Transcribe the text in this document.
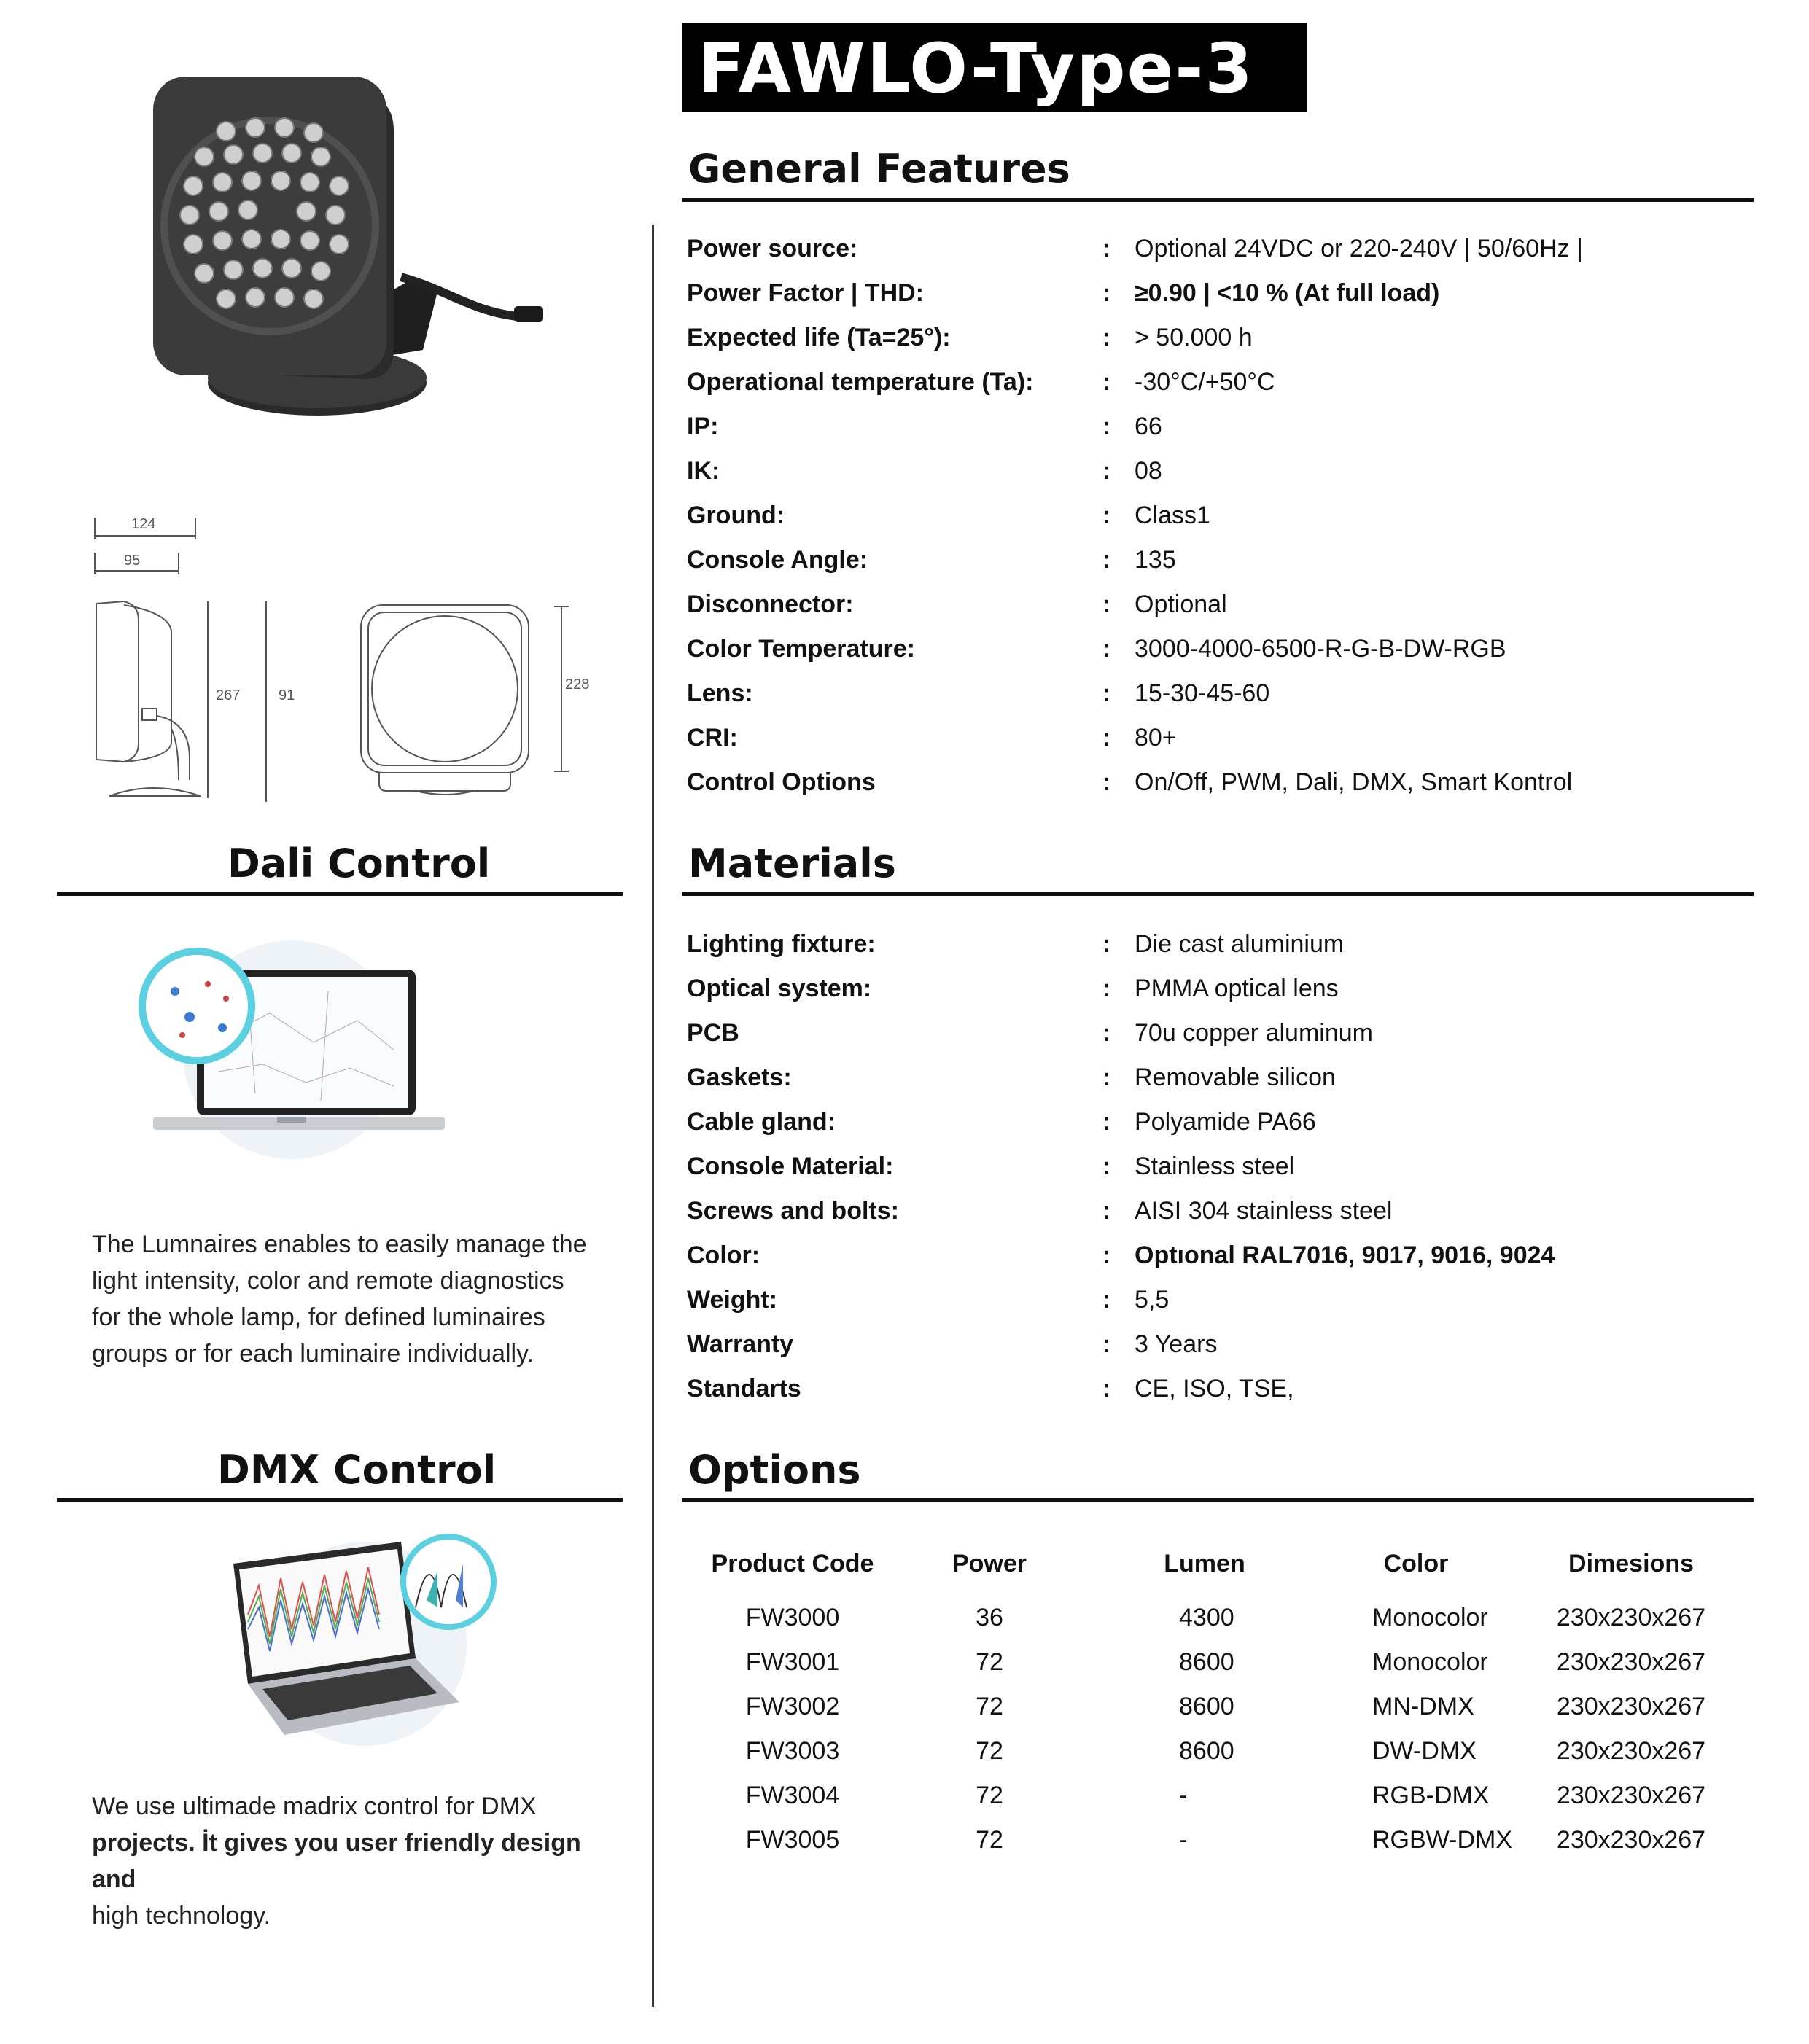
FAWLO-Type-3
124
95
267	91
228
General Features
Power source:	: Optional 24VDC or 220-240V | 50/60Hz |
Power Factor | THD:	: ≥0.90 | <10 % (At full load)
Expected life (Ta=25°):	: > 50.000 h
Operational temperature (Ta):	: -30°C/+50°C
IP:	: 66
IK:	: 08
Ground:	: Class1
Console Angle:	: 135
Disconnector:	: Optional
Color Temperature:	: 3000-4000-6500-R-G-B-DW-RGB
Lens:	: 15-30-45-60
CRI:	: 80+
Control Options	: On/Off, PWM, Dali, DMX, Smart Kontrol
Materials
Lighting fixture:	: Die cast aluminium
Optical system:	: PMMA optical lens
PCB	: 70u copper aluminum
Gaskets:	: Removable silicon
Cable gland:	: Polyamide PA66
Console Material:	: Stainless steel
Screws and bolts:	: AISI 304 stainless steel
Color:	: Optıonal RAL7016, 9017, 9016, 9024
Weight:	: 5,5
Warranty	: 3 Years
Standarts	: CE, ISO, TSE,
Options
Product Code	Power	Lumen	Color	Dimesions
FW3000	36	4300	Monocolor	230x230x267
FW3001	72	8600	Monocolor	230x230x267
FW3002	72	8600	MN-DMX	230x230x267
FW3003	72	8600	DW-DMX	230x230x267
FW3004	72	-	RGB-DMX	230x230x267
FW3005	72	-	RGBW-DMX	230x230x267
Dali Control
The Lumnaires enables to easily manage the
light intensity, color and remote diagnostics
for the whole lamp, for defined luminaires
groups or for each luminaire individually.
DMX Control
We use ultimade madrix control for DMX
projects. İt gives you user friendly design and
high technology.
